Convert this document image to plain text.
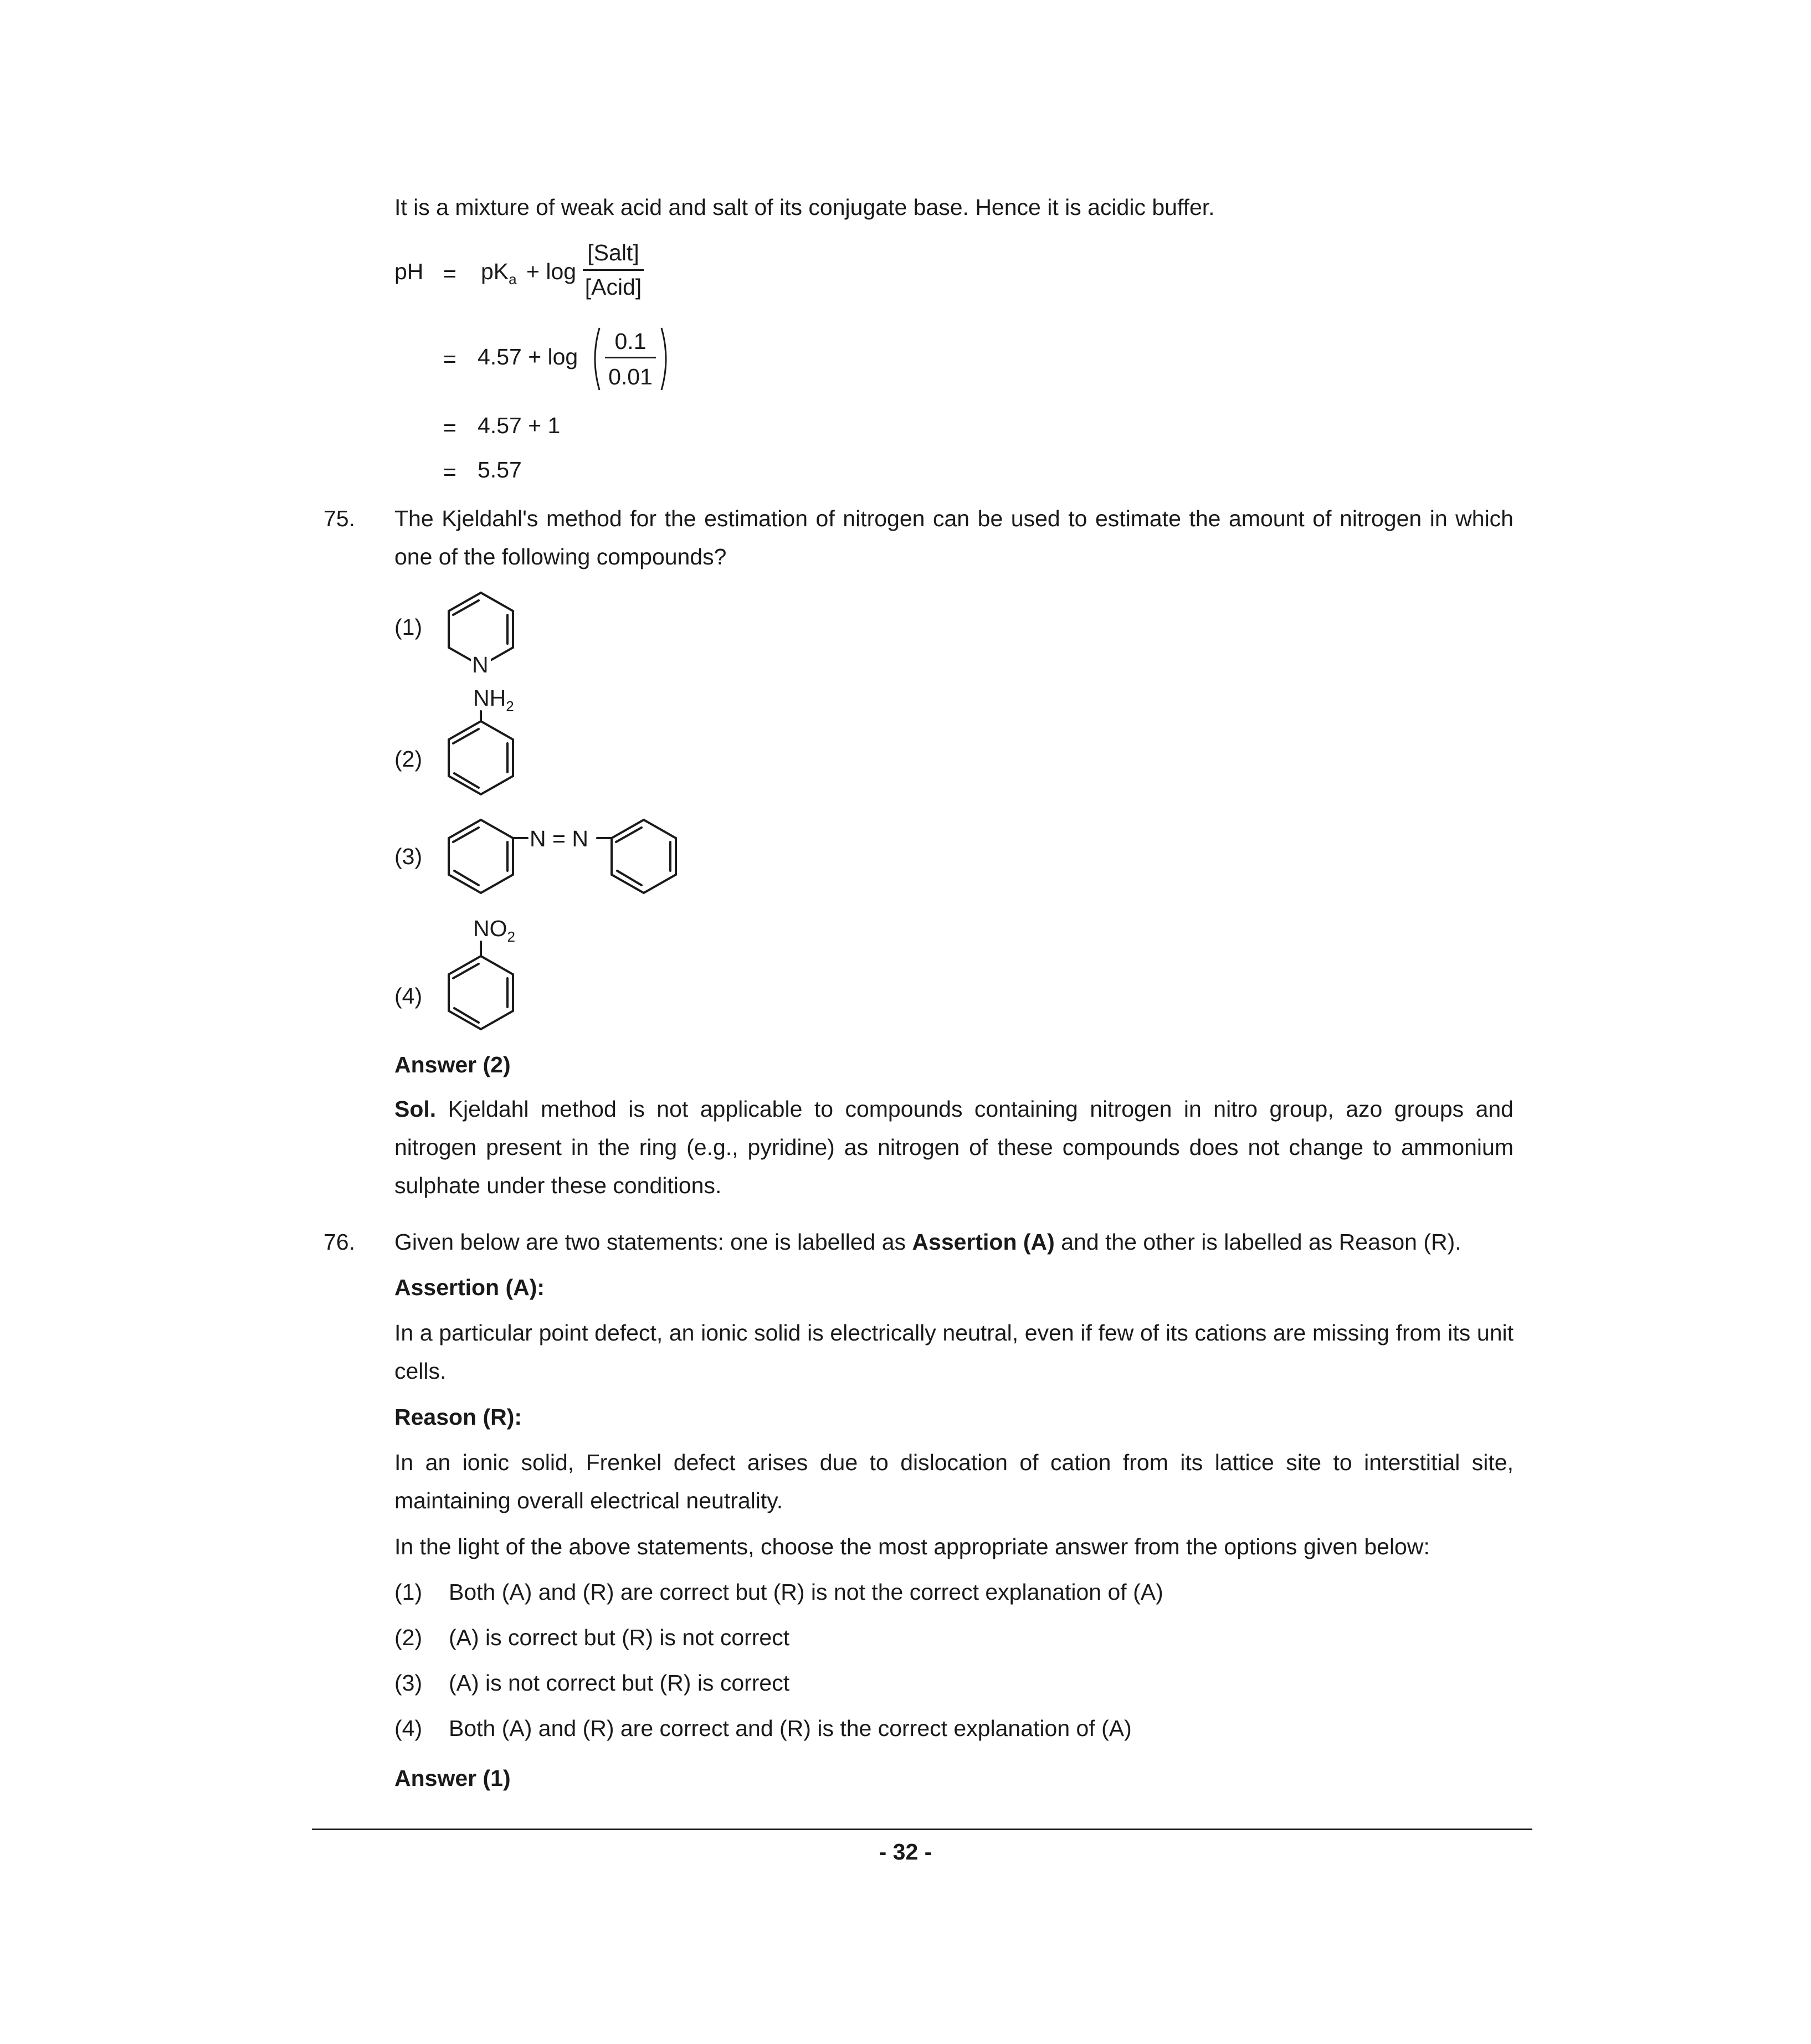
It is a mixture of weak acid and salt of its conjugate base. Hence it is acidic buffer.
pH = $pK_a + \log$
[Salt]
[Acid]
= 4.57 + log
0.1
0.01
= 4.57 + 1
= 5.57
75. The Kjeldahl's method for the estimation of nitrogen can be used to estimate the amount of nitrogen in which one of the following compounds?
(1)
N
(2)
$NH_2$
(3)
N = N
(4)
$NO_2$
Answer (2)
Sol. Kjeldahl method is not applicable to compounds containing nitrogen in nitro group, azo groups and nitrogen present in the ring (e.g., pyridine) as nitrogen of these compounds does not change to ammonium sulphate under these conditions.
76. Given below are two statements: one is labelled as Assertion (A) and the other is labelled as Reason (R).
Assertion (A):
In a particular point defect, an ionic solid is electrically neutral, even if few of its cations are missing from its unit cells.
Reason (R):
In an ionic solid, Frenkel defect arises due to dislocation of cation from its lattice site to interstitial site, maintaining overall electrical neutrality.
In the light of the above statements, choose the most appropriate answer from the options given below:
(1) Both (A) and (R) are correct but (R) is not the correct explanation of (A)
(2) (A) is correct but (R) is not correct
(3) (A) is not correct but (R) is correct
(4) Both (A) and (R) are correct and (R) is the correct explanation of (A)
Answer (1)
- 32 -
